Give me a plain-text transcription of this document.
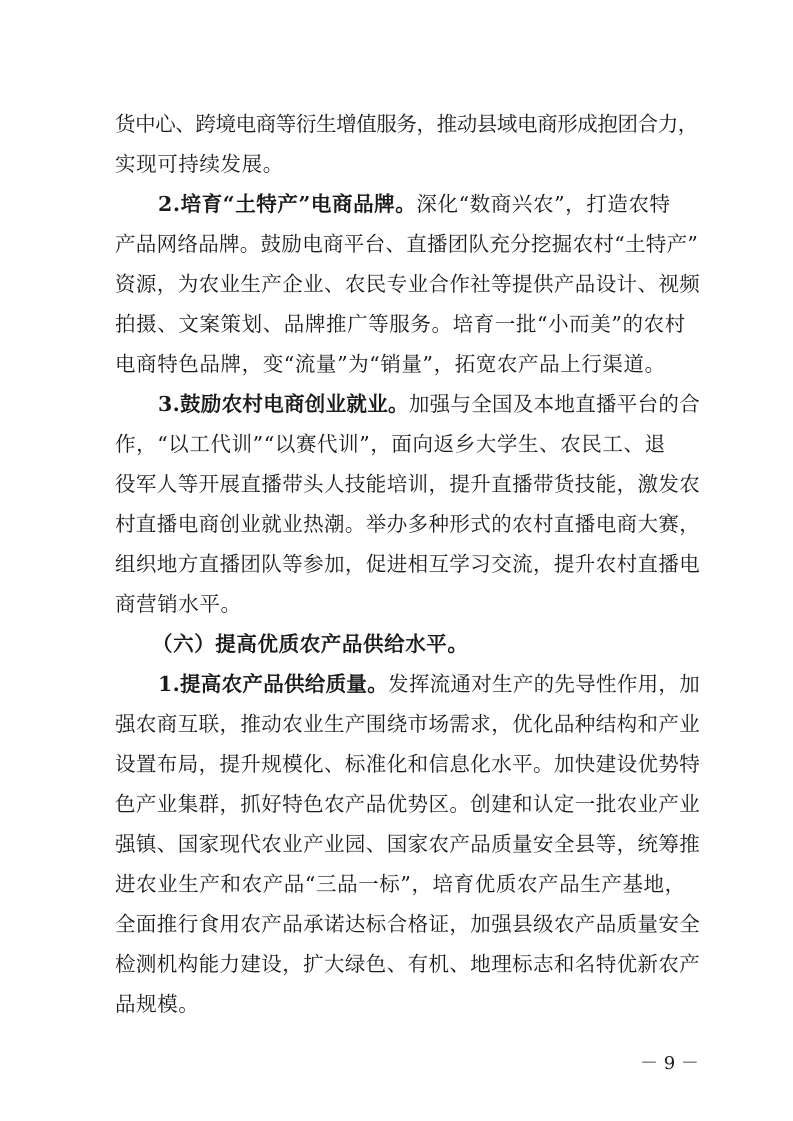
货中心、跨境电商等衍生增值服务，推动县域电商形成抱团合力，
实现可持续发展。
2.培育“土特产”电商品牌。深化“数商兴农”，打造农特
产品网络品牌。鼓励电商平台、直播团队充分挖掘农村“土特产”
资源，为农业生产企业、农民专业合作社等提供产品设计、视频
拍摄、文案策划、品牌推广等服务。培育一批“小而美”的农村
电商特色品牌，变“流量”为“销量”，拓宽农产品上行渠道。
3.鼓励农村电商创业就业。加强与全国及本地直播平台的合
作，“以工代训”“以赛代训”，面向返乡大学生、农民工、退
役军人等开展直播带头人技能培训，提升直播带货技能，激发农
村直播电商创业就业热潮。举办多种形式的农村直播电商大赛，
组织地方直播团队等参加，促进相互学习交流，提升农村直播电
商营销水平。
（六）提高优质农产品供给水平。
1.提高农产品供给质量。发挥流通对生产的先导性作用，加
强农商互联，推动农业生产围绕市场需求，优化品种结构和产业
设置布局，提升规模化、标准化和信息化水平。加快建设优势特
色产业集群，抓好特色农产品优势区。创建和认定一批农业产业
强镇、国家现代农业产业园、国家农产品质量安全县等，统筹推
进农业生产和农产品“三品一标”，培育优质农产品生产基地，
全面推行食用农产品承诺达标合格证，加强县级农产品质量安全
检测机构能力建设，扩大绿色、有机、地理标志和名特优新农产
品规模。
－ 9 －
